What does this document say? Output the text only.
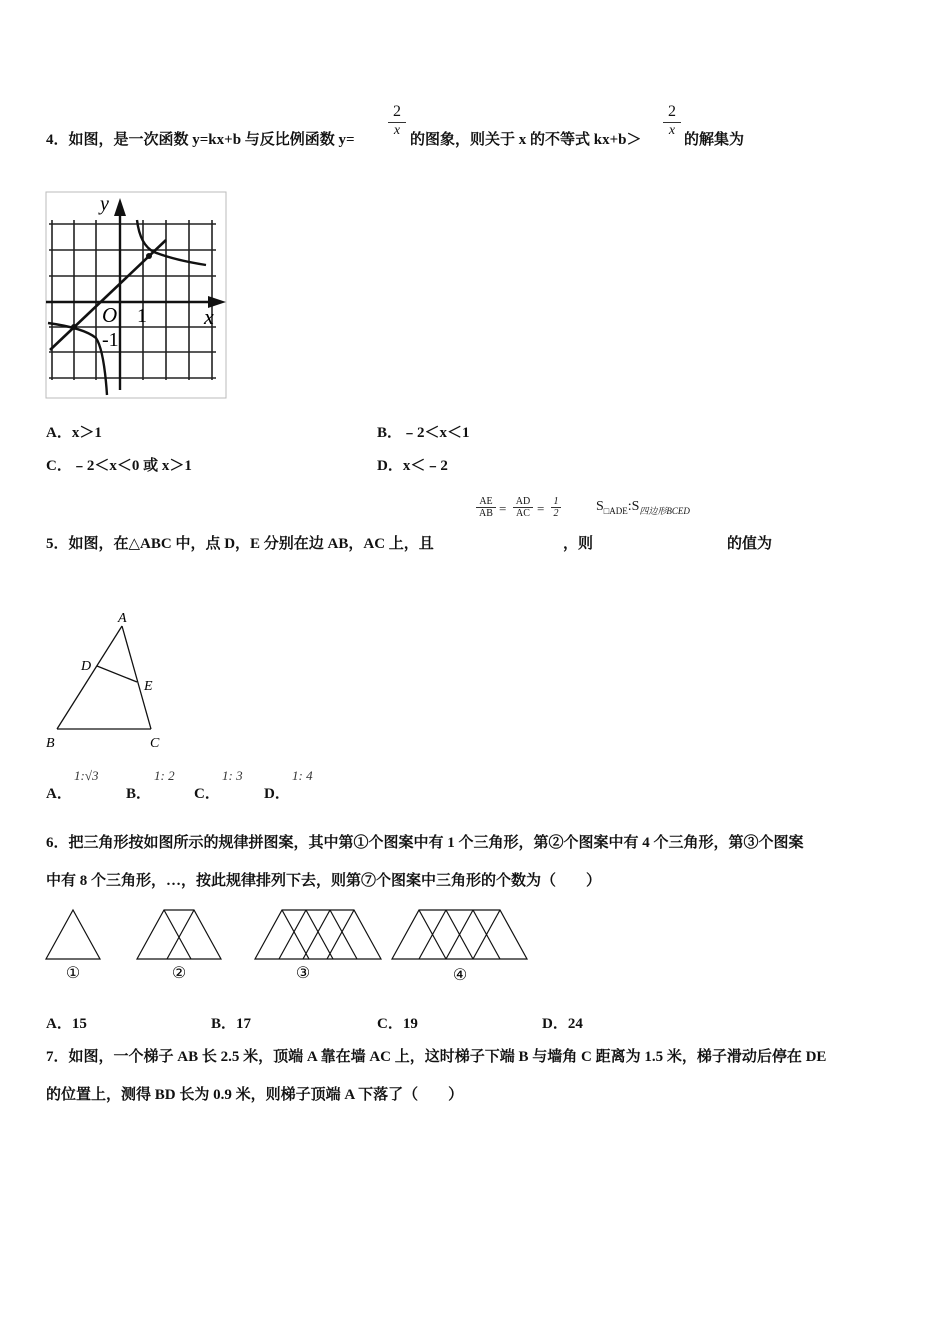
4．如图，是一次函数 y=kx+b 与反比例函数 y=
2
x
的图象，则关于 x 的不等式 kx+b＞
2
x
的解集为
y
x
O 1
-1
A．x＞1	B．﹣2＜x＜1
C．﹣2＜x＜0 或 x＞1	D．x＜﹣2
AE
AB = AD
AC = 1
2	$S_{□ADE}:S_{四边形BCED}$
5．如图，在△ABC 中，点 D，E 分别在边 AB，AC 上，且	，则	的值为
A
D
E
B	C
A．
1:√3
B．
1: 2
C．
1: 3
D．
1: 4
6．把三角形按如图所示的规律拼图案，其中第①个图案中有 1 个三角形，第②个图案中有 4 个三角形，第③个图案
中有 8 个三角形，…，按此规律排列下去，则第⑦个图案中三角形的个数为（　　）
①	②	③	④
A．15	B．17	C．19	D．24
7．如图，一个梯子 AB 长 2.5 米，顶端 A 靠在墙 AC 上，这时梯子下端 B 与墙角 C 距离为 1.5 米，梯子滑动后停在 DE
的位置上，测得 BD 长为 0.9 米，则梯子顶端 A 下落了（　　）
